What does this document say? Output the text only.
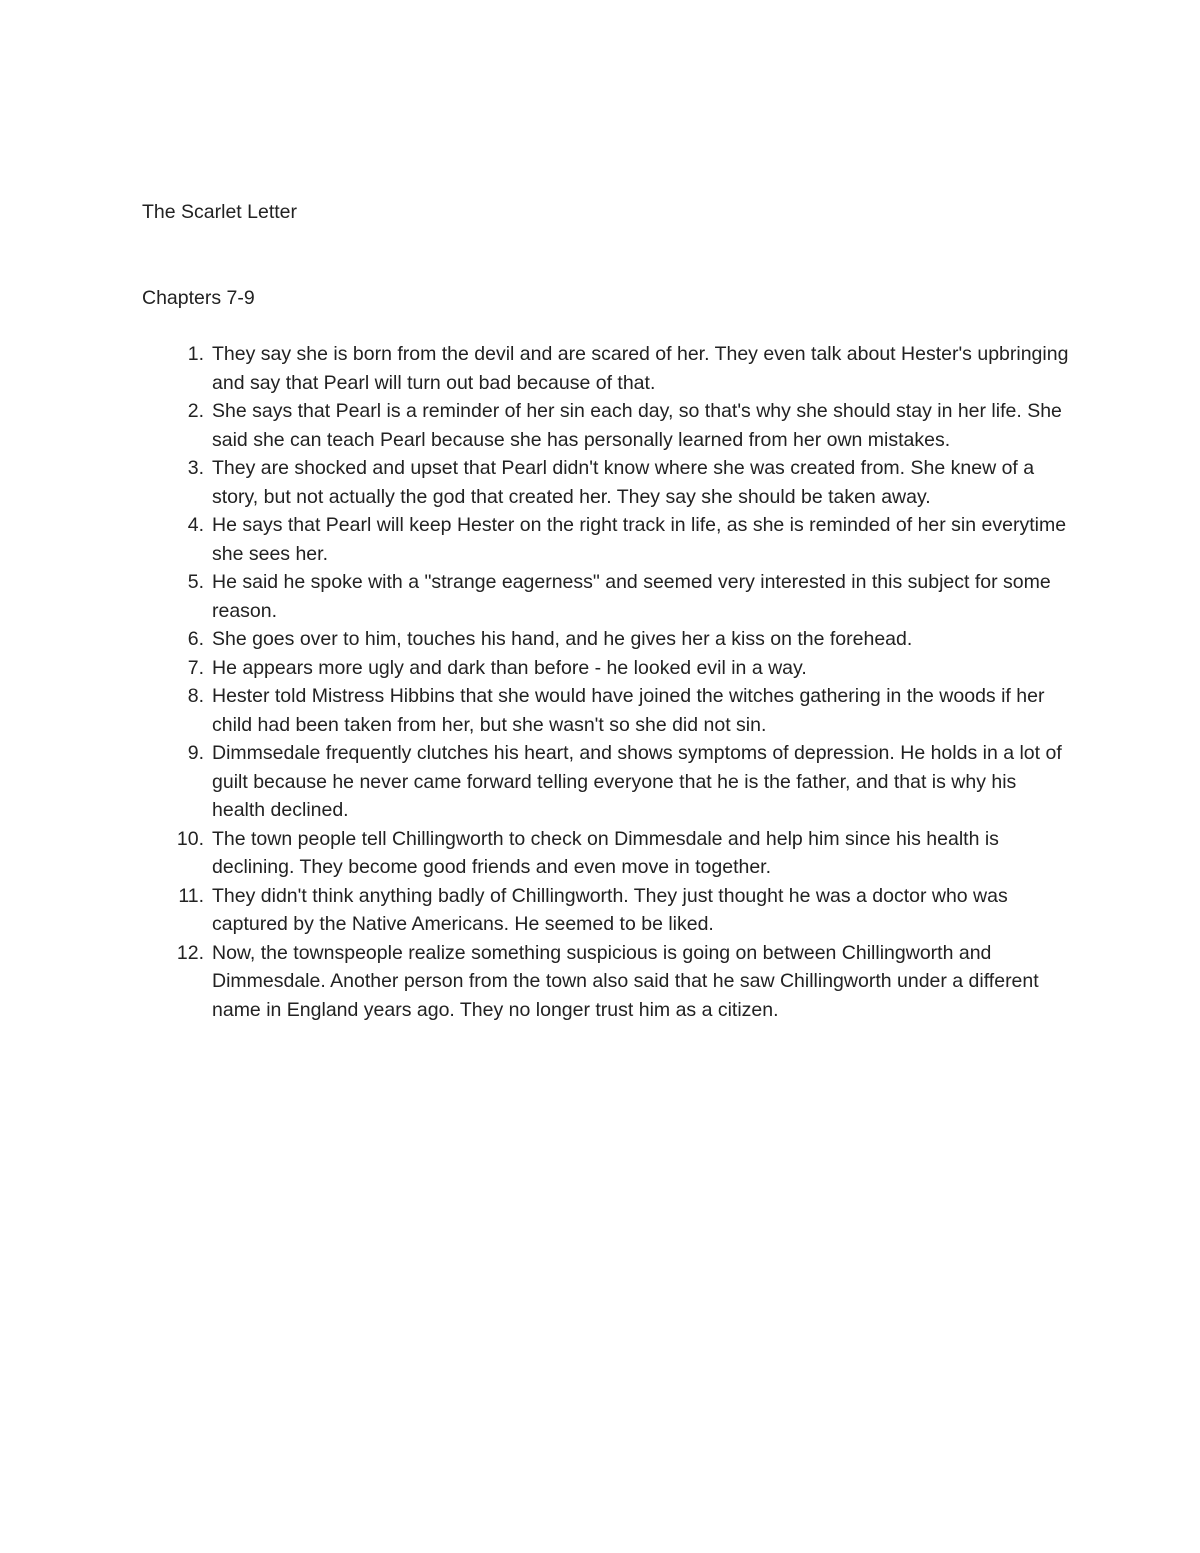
The Scarlet Letter
Chapters 7-9
1. They say she is born from the devil and are scared of her. They even talk about Hester's upbringing and say that Pearl will turn out bad because of that.
2. She says that Pearl is a reminder of her sin each day, so that's why she should stay in her life. She said she can teach Pearl because she has personally learned from her own mistakes.
3. They are shocked and upset that Pearl didn't know where she was created from. She knew of a story, but not actually the god that created her. They say she should be taken away.
4. He says that Pearl will keep Hester on the right track in life, as she is reminded of her sin everytime she sees her.
5. He said he spoke with a "strange eagerness" and seemed very interested in this subject for some reason.
6. She goes over to him, touches his hand, and he gives her a kiss on the forehead.
7. He appears more ugly and dark than before - he looked evil in a way.
8. Hester told Mistress Hibbins that she would have joined the witches gathering in the woods if her child had been taken from her, but she wasn't so she did not sin.
9. Dimmsedale frequently clutches his heart, and shows symptoms of depression. He holds in a lot of guilt because he never came forward telling everyone that he is the father, and that is why his health declined.
10. The town people tell Chillingworth to check on Dimmesdale and help him since his health is declining. They become good friends and even move in together.
11. They didn't think anything badly of Chillingworth. They just thought he was a doctor who was captured by the Native Americans. He seemed to be liked.
12. Now, the townspeople realize something suspicious is going on between Chillingworth and Dimmesdale. Another person from the town also said that he saw Chillingworth under a different name in England years ago. They no longer trust him as a citizen.
